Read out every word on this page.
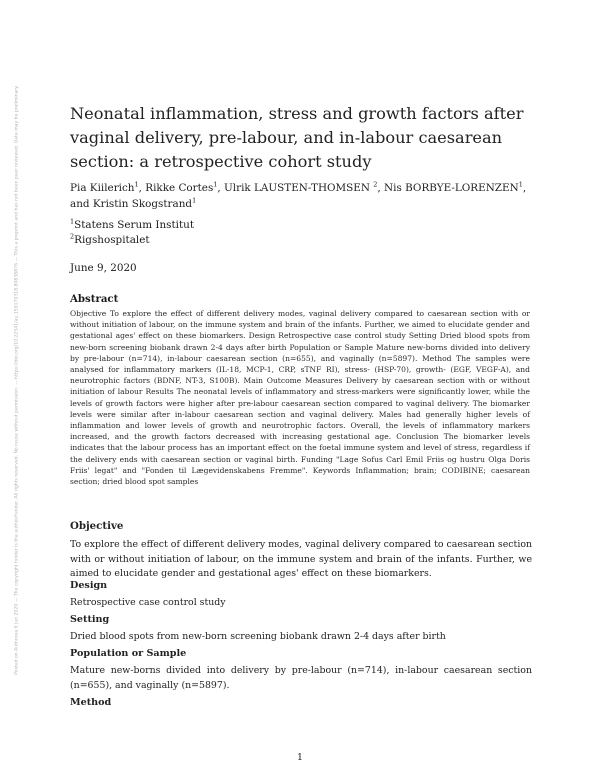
Posted on Authorea 9 Jun 2020 — The copyright holder is the author/funder. All rights reserved. No reuse without permission. — https://doi.org/10.22541/au.159170318.80838876 — This a preprint and has not been peer reviewed. Data may be preliminary.	Neonatal inflammation, stress and growth factors after vaginal delivery, pre-labour, and in-labour caesarean section: a retrospective cohort study
Pia Kiilerich$^1$, Rikke Cortes$^1$, Ulrik LAUSTEN-THOMSEN $^2$, Nis BORBYE-LORENZEN$^1$, and Kristin Skogstrand$^1$
$^1$Statens Serum Institut
$^2$Rigshospitalet
June 9, 2020
Abstract

Objective To explore the effect of different delivery modes, vaginal delivery compared to caesarean section with or without initiation of labour, on the immune system and brain of the infants. Further, we aimed to elucidate gender and gestational ages' effect on these biomarkers. Design Retrospective case control study Setting Dried blood spots from new-born screening biobank drawn 2-4 days after birth Population or Sample Mature new-borns divided into delivery by pre-labour (n=714), in-labour caesarean section (n=655), and vaginally (n=5897). Method The samples were analysed for inflammatory markers (IL-18, MCP-1, CRP, sTNF RI), stress- (HSP-70), growth- (EGF, VEGF-A), and neurotrophic factors (BDNF, NT-3, S100B). Main Outcome Measures Delivery by caesarean section with or without initiation of labour Results The neonatal levels of inflammatory and stress-markers were significantly lower, while the levels of growth factors were higher after pre-labour caesarean section compared to vaginal delivery. The biomarker levels were similar after in-labour caesarean section and vaginal delivery. Males had generally higher levels of inflammation and lower levels of growth and neurotrophic factors. Overall, the levels of inflammatory markers increased, and the growth factors decreased with increasing gestational age. Conclusion The biomarker levels indicates that the labour process has an important effect on the foetal immune system and level of stress, regardless if the delivery ends with caesarean section or vaginal birth. Funding "Lage Sofus Carl Emil Friis og hustru Olga Doris Friis' legat" and "Fonden til Lægevidenskabens Fremme". Keywords Inflammation; brain; CODIBINE; caesarean section; dried blood spot samples

Objective

To explore the effect of different delivery modes, vaginal delivery compared to caesarean section with or without initiation of labour, on the immune system and brain of the infants. Further, we aimed to elucidate gender and gestational ages' effect on these biomarkers.

Design

Retrospective case control study

Setting

Dried blood spots from new-born screening biobank drawn 2-4 days after birth

Population or Sample

Mature new-borns divided into delivery by pre-labour (n=714), in-labour caesarean section (n=655), and vaginally (n=5897).

Method
1
